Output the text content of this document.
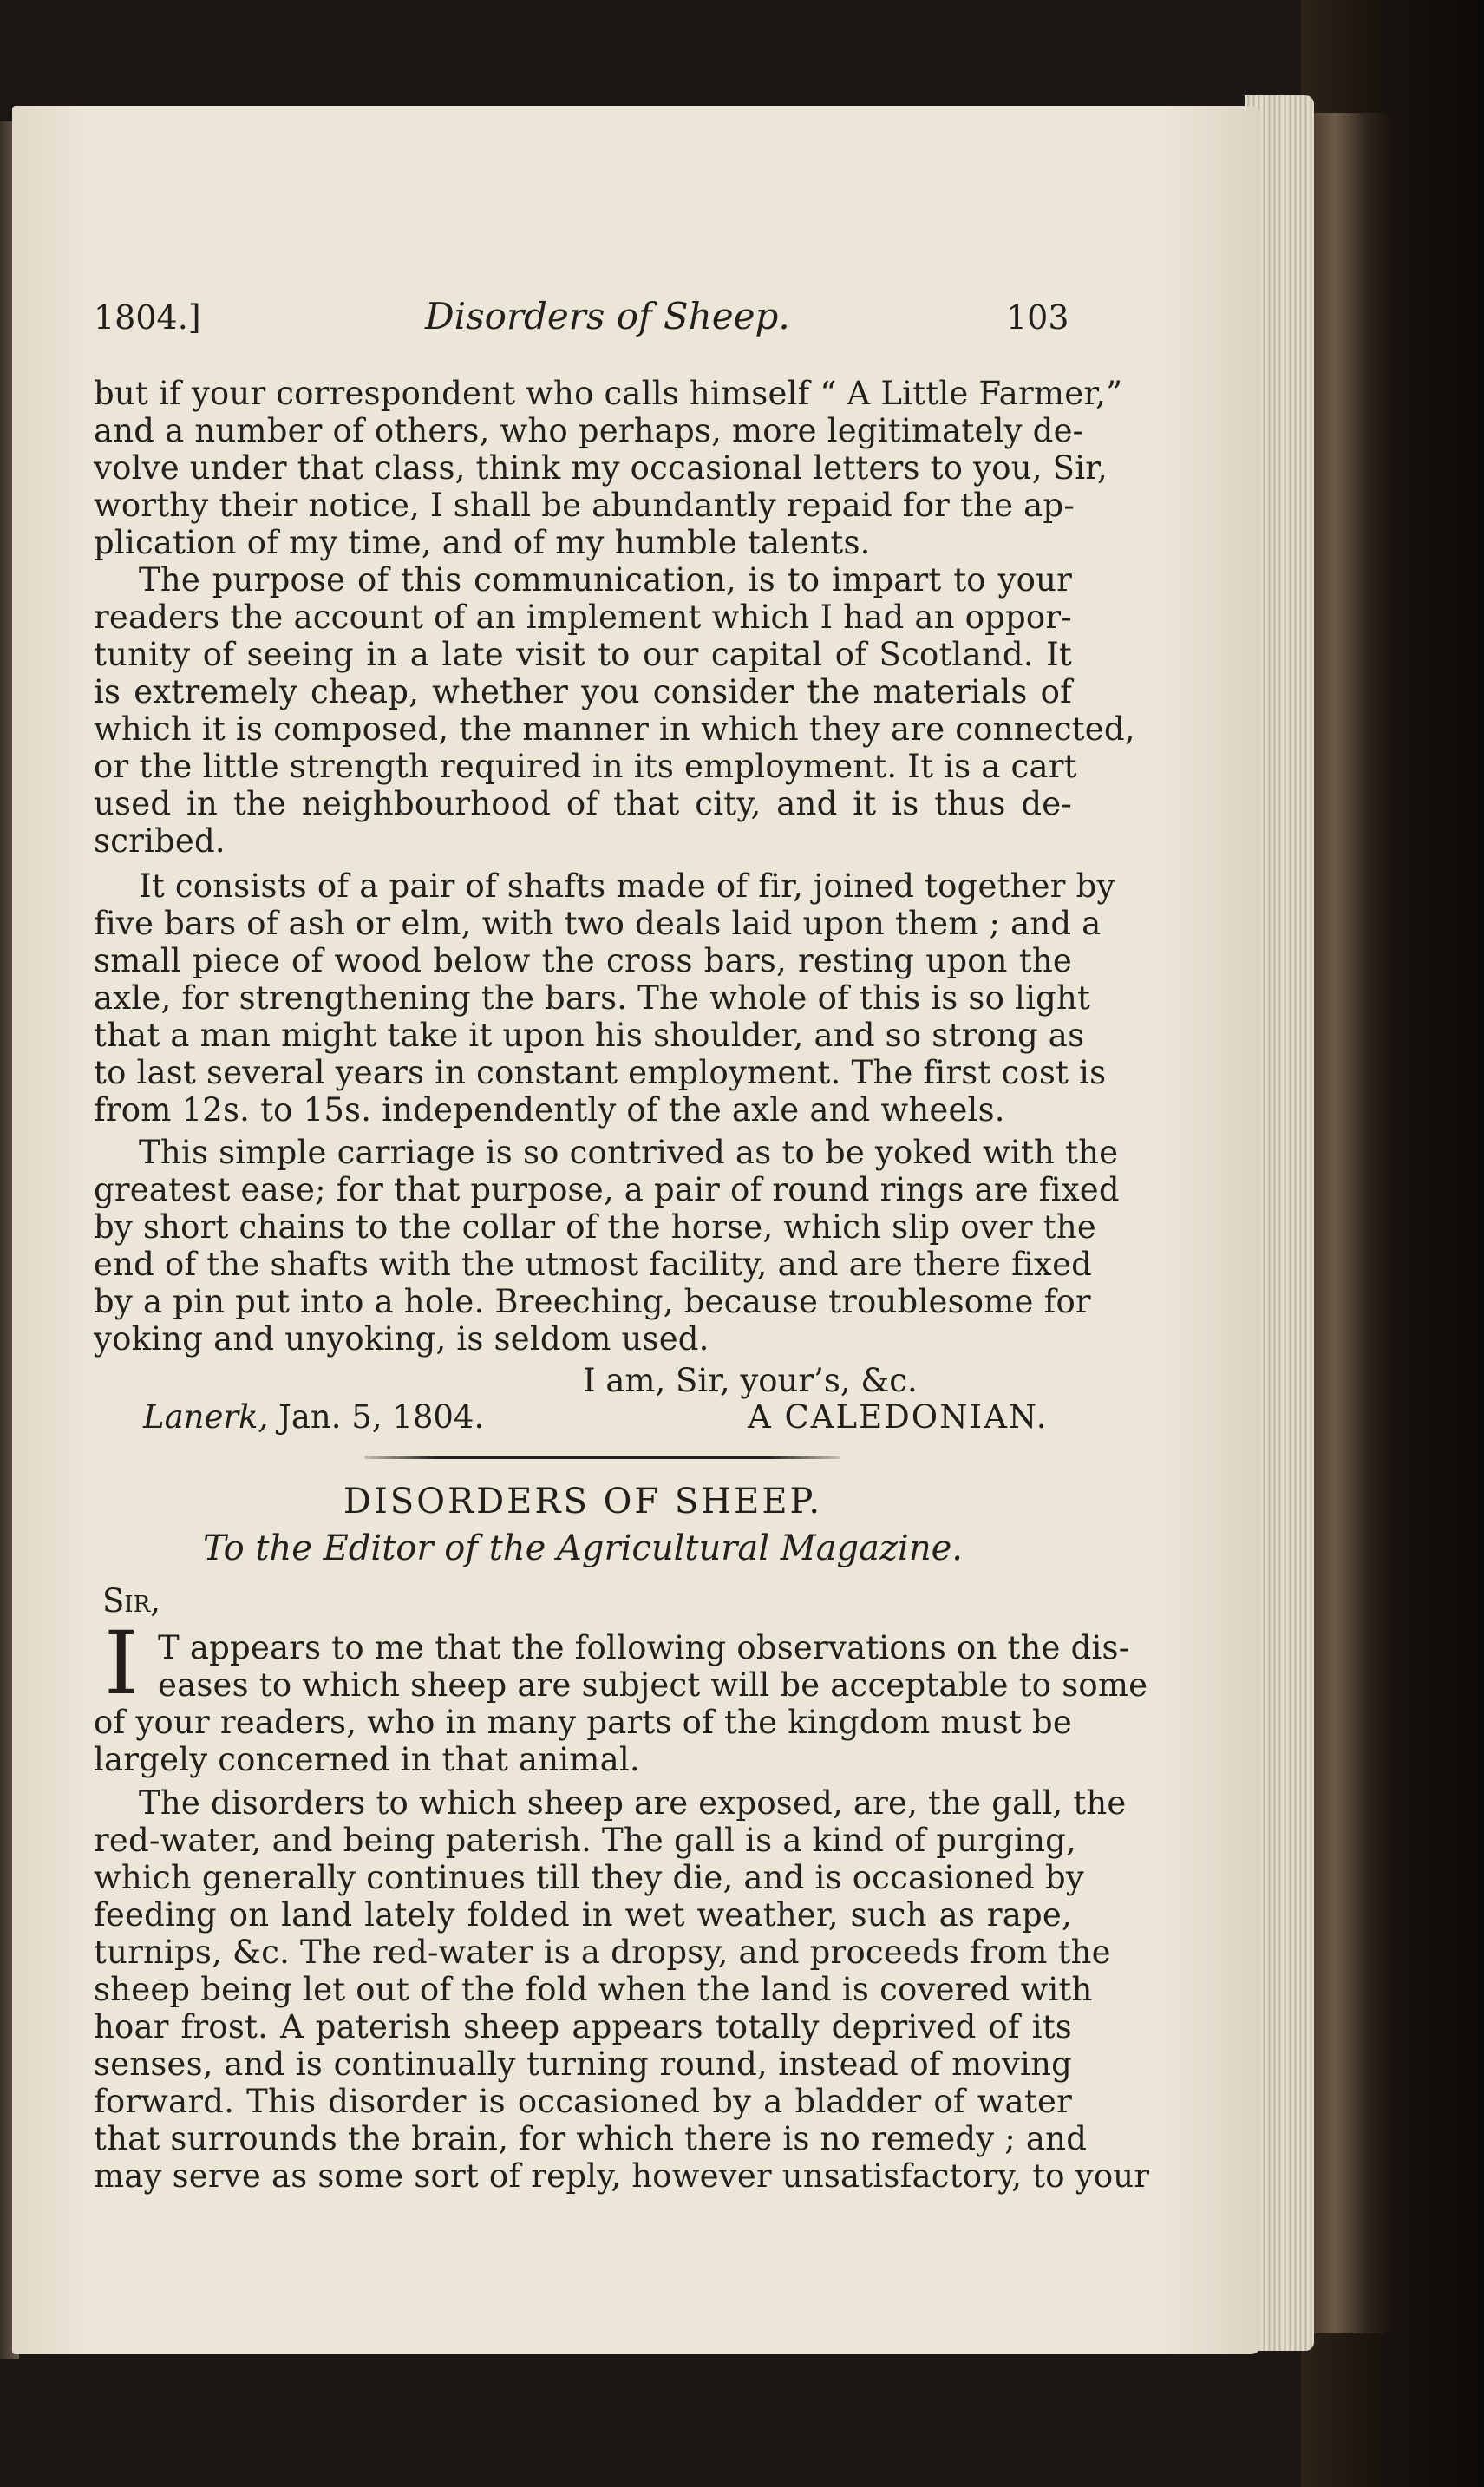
1804.]	Disorders of Sheep.	103
but if your correspondent who calls himself “ A Little Farmer,”
and a number of others, who perhaps, more legitimately de-
volve under that class, think my occasional letters to you, Sir,
worthy their notice, I shall be abundantly repaid for the ap-
plication of my time, and of my humble talents.
The purpose of this communication, is to impart to your
readers the account of an implement which I had an oppor-
tunity of seeing in a late visit to our capital of Scotland. It
is extremely cheap, whether you consider the materials of
which it is composed, the manner in which they are connected,
or the little strength required in its employment. It is a cart
used in the neighbourhood of that city, and it is thus de-
scribed.
It consists of a pair of shafts made of fir, joined together by
five bars of ash or elm, with two deals laid upon them ; and a
small piece of wood below the cross bars, resting upon the
axle, for strengthening the bars. The whole of this is so light
that a man might take it upon his shoulder, and so strong as
to last several years in constant employment. The first cost is
from 12s. to 15s. independently of the axle and wheels.
This simple carriage is so contrived as to be yoked with the
greatest ease; for that purpose, a pair of round rings are fixed
by short chains to the collar of the horse, which slip over the
end of the shafts with the utmost facility, and are there fixed
by a pin put into a hole. Breeching, because troublesome for
yoking and unyoking, is seldom used.
I am, Sir, your’s, &c.
Lanerk, Jan. 5, 1804.	A CALEDONIAN.
DISORDERS OF SHEEP.
To the Editor of the Agricultural Magazine.
Sir,
I T appears to me that the following observations on the dis-
eases to which sheep are subject will be acceptable to some
of your readers, who in many parts of the kingdom must be
largely concerned in that animal.
The disorders to which sheep are exposed, are, the gall, the
red-water, and being paterish. The gall is a kind of purging,
which generally continues till they die, and is occasioned by
feeding on land lately folded in wet weather, such as rape,
turnips, &c. The red-water is a dropsy, and proceeds from the
sheep being let out of the fold when the land is covered with
hoar frost. A paterish sheep appears totally deprived of its
senses, and is continually turning round, instead of moving
forward. This disorder is occasioned by a bladder of water
that surrounds the brain, for which there is no remedy ; and
may serve as some sort of reply, however unsatisfactory, to your
